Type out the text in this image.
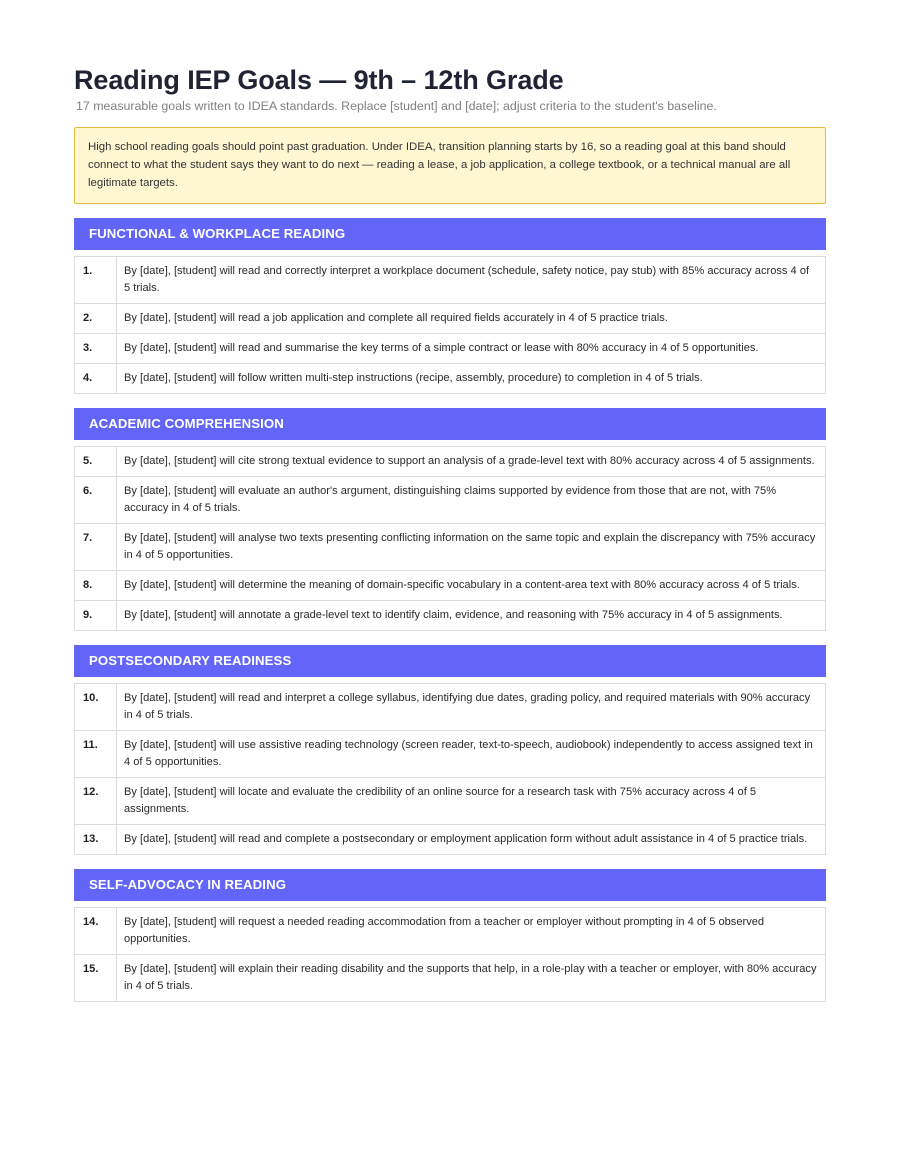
Reading IEP Goals — 9th – 12th Grade
17 measurable goals written to IDEA standards. Replace [student] and [date]; adjust criteria to the student's baseline.
High school reading goals should point past graduation. Under IDEA, transition planning starts by 16, so a reading goal at this band should connect to what the student says they want to do next — reading a lease, a job application, a college textbook, or a technical manual are all legitimate targets.
FUNCTIONAL & WORKPLACE READING
1.	By [date], [student] will read and correctly interpret a workplace document (schedule, safety notice, pay stub) with 85% accuracy across 4 of 5 trials.
2.	By [date], [student] will read a job application and complete all required fields accurately in 4 of 5 practice trials.
3.	By [date], [student] will read and summarise the key terms of a simple contract or lease with 80% accuracy in 4 of 5 opportunities.
4.	By [date], [student] will follow written multi-step instructions (recipe, assembly, procedure) to completion in 4 of 5 trials.
ACADEMIC COMPREHENSION
5.	By [date], [student] will cite strong textual evidence to support an analysis of a grade-level text with 80% accuracy across 4 of 5 assignments.
6.	By [date], [student] will evaluate an author's argument, distinguishing claims supported by evidence from those that are not, with 75% accuracy in 4 of 5 trials.
7.	By [date], [student] will analyse two texts presenting conflicting information on the same topic and explain the discrepancy with 75% accuracy in 4 of 5 opportunities.
8.	By [date], [student] will determine the meaning of domain-specific vocabulary in a content-area text with 80% accuracy across 4 of 5 trials.
9.	By [date], [student] will annotate a grade-level text to identify claim, evidence, and reasoning with 75% accuracy in 4 of 5 assignments.
POSTSECONDARY READINESS
10.	By [date], [student] will read and interpret a college syllabus, identifying due dates, grading policy, and required materials with 90% accuracy in 4 of 5 trials.
11.	By [date], [student] will use assistive reading technology (screen reader, text-to-speech, audiobook) independently to access assigned text in 4 of 5 opportunities.
12.	By [date], [student] will locate and evaluate the credibility of an online source for a research task with 75% accuracy across 4 of 5 assignments.
13.	By [date], [student] will read and complete a postsecondary or employment application form without adult assistance in 4 of 5 practice trials.
SELF-ADVOCACY IN READING
14.	By [date], [student] will request a needed reading accommodation from a teacher or employer without prompting in 4 of 5 observed opportunities.
15.	By [date], [student] will explain their reading disability and the supports that help, in a role-play with a teacher or employer, with 80% accuracy in 4 of 5 trials.
